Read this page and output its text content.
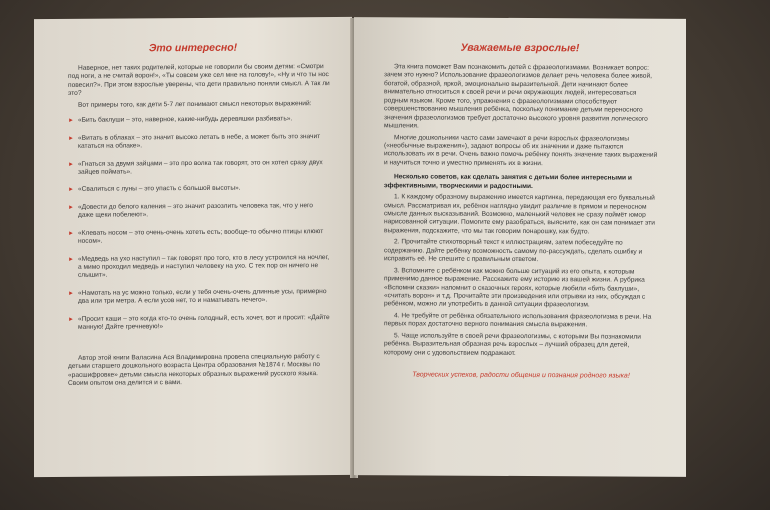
Это интересно!

Наверное, нет таких родителей, которые не говорили бы своим детям: «Смотри под ноги, а не считай ворон!», «Ты совсем уже сел мне на голову!», «Ну и что ты нос повесил?». При этом взрослые уверены, что дети правильно поняли смысл. А так ли это?

Вот примеры того, как дети 5-7 лет понимают смысл некоторых выражений:

► «Бить баклуши – это, наверное, какие-нибудь деревяшки разбивать».
► «Витать в облаках – это значит высоко летать в небе, а может быть это значит кататься на облаке».
► «Гнаться за двумя зайцами – это про волка так говорят, это он хотел сразу двух зайцев поймать».
► «Свалиться с луны – это упасть с большой высоты».
► «Довести до белого каления – это значит разозлить человека так, что у него даже щеки побелеют».
► «Клевать носом – это очень-очень хотеть есть; вообще-то обычно птицы клюют носом».
► «Медведь на ухо наступил – так говорят про того, кто в лесу устроился на ночлег, а мимо проходил медведь и наступил человеку на ухо. С тех пор он ничего не слышит».
► «Намотать на ус можно только, если у тебя очень-очень длинные усы, примерно два или три метра. А если усов нет, то и наматывать нечего».
► «Просит каши – это когда кто-то очень голодный, есть хочет, вот и просит: «Дайте манную! Дайте гречневую!»

Автор этой книги Валасина Ася Владимировна провела специальную работу с детьми старшего дошкольного возраста Центра образования №1874 г. Москвы по «расшифровке» детьми смысла некоторых образных выражений русского языка. Своим опытом она делится и с вами.

Уважаемые взрослые!

Эта книга поможет Вам познакомить детей с фразеологизмами. Возникает вопрос: зачем это нужно? Использование фразеологизмов делает речь человека более живой, богатой, образной, яркой, эмоционально выразительной. Дети начинают более внимательно относиться к своей речи и речи окружающих людей, интересоваться родным языком. Кроме того, упражнения с фразеологизмами способствуют совершенствованию мышления ребёнка, поскольку понимание детьми переносного значения фразеологизмов требует достаточно высокого уровня развития логического мышления.

Многие дошкольники часто сами замечают в речи взрослых фразеологизмы («необычные выражения»), задают вопросы об их значении и даже пытаются использовать их в речи. Очень важно помочь ребёнку понять значение таких выражений и научиться точно и уместно применять их в жизни.

Несколько советов, как сделать занятия с детьми более интересными и эффективными, творческими и радостными.

1. К каждому образному выражению имеется картинка, передающая его буквальный смысл. Рассматривая их, ребёнок наглядно увидит различие в прямом и переносном смысле данных высказываний. Возможно, маленький человек не сразу поймёт юмор нарисованной ситуации. Помогите ему разобраться, выясните, как он сам понимает эти выражения, подскажите, что мы так говорим понарошку, как будто.

2. Прочитайте стихотворный текст к иллюстрациям, затем побеседуйте по содержанию. Дайте ребёнку возможность самому по-рассуждать, сделать ошибку и исправить её. Не спешите с правильным ответом.

3. Вспомните с ребёнком как можно больше ситуаций из его опыта, к которым применимо данное выражение. Расскажите ему историю из вашей жизни. А рубрика «Вспомни сказки» напомнит о сказочных героях, которые любили «бить баклуши», «считать ворон» и т.д. Прочитайте эти произведения или отрывки из них, обсуждая с ребёнком, можно ли употребить в данной ситуации фразеологизм.

4. Не требуйте от ребёнка обязательного использования фразеологизма в речи. На первых порах достаточно верного понимания смысла выражения.

5. Чаще используйте в своей речи фразеологизмы, с которыми Вы познакомили ребёнка. Выразительная образная речь взрослых – лучший образец для детей, которому они с удовольствием подражают.

Творческих успехов, радости общения и познания родного языка!
